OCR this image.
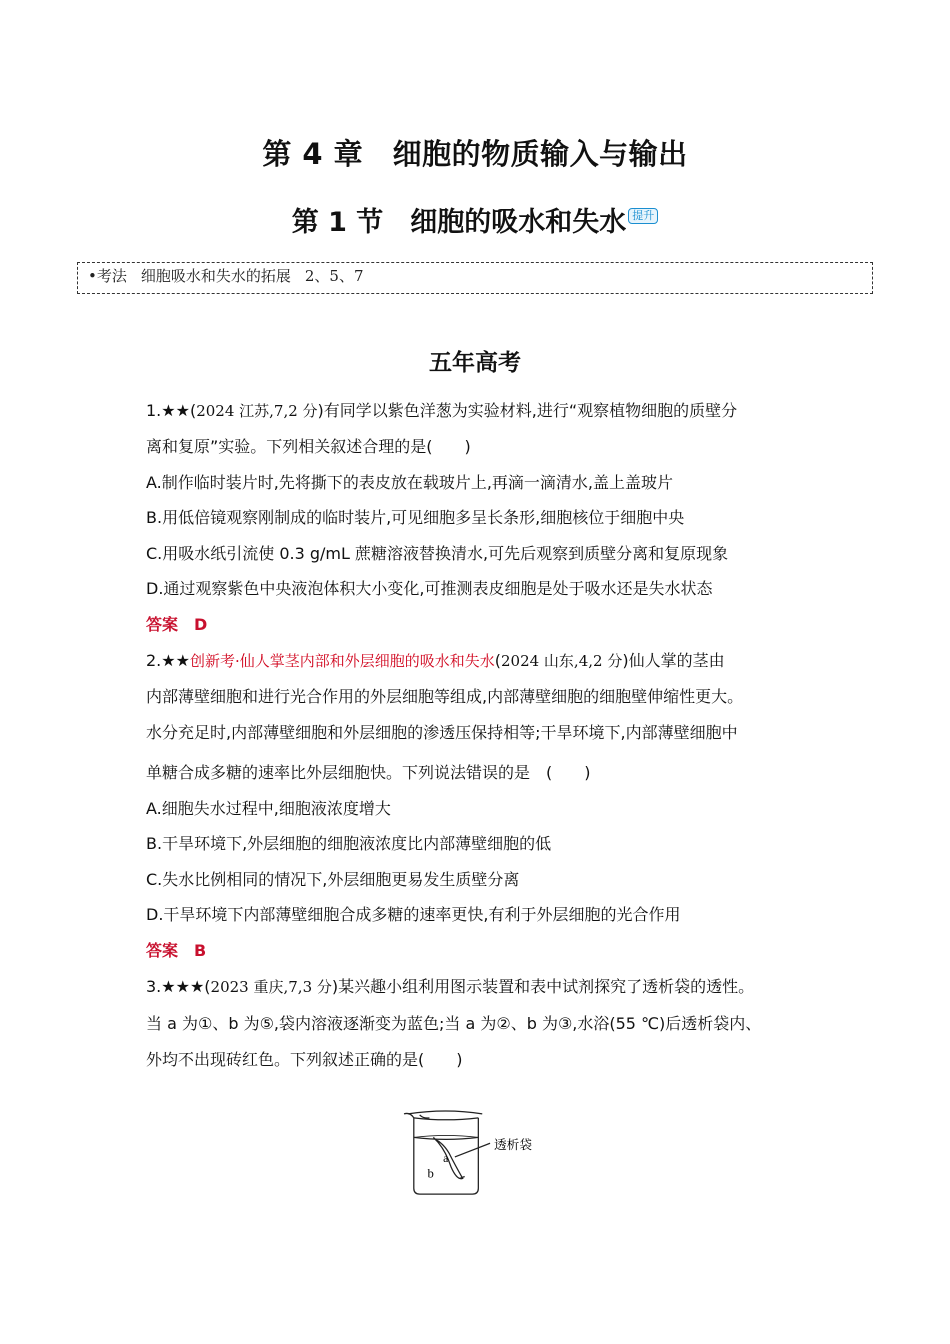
第 4 章　细胞的物质输入与输出
第 1 节　细胞的吸水和失水 提升
•考法 细胞吸水和失水的拓展 2、5、7
五年高考
1.★★(2024 江苏,7,2 分)有同学以紫色洋葱为实验材料,进行“观察植物细胞的质壁分
离和复原”实验。下列相关叙述合理的是(　　)
A.制作临时装片时,先将撕下的表皮放在载玻片上,再滴一滴清水,盖上盖玻片
B.用低倍镜观察刚制成的临时装片,可见细胞多呈长条形,细胞核位于细胞中央
C.用吸水纸引流使 0.3 g/mL 蔗糖溶液替换清水,可先后观察到质壁分离和复原现象
D.通过观察紫色中央液泡体积大小变化,可推测表皮细胞是处于吸水还是失水状态
答案　D
2.★★创新考·仙人掌茎内部和外层细胞的吸水和失水(2024 山东,4,2 分)仙人掌的茎由
内部薄壁细胞和进行光合作用的外层细胞等组成,内部薄壁细胞的细胞壁伸缩性更大。
水分充足时,内部薄壁细胞和外层细胞的渗透压保持相等;干旱环境下,内部薄壁细胞中
单糖合成多糖的速率比外层细胞快。下列说法错误的是　(　　)
A.细胞失水过程中,细胞液浓度增大
B.干旱环境下,外层细胞的细胞液浓度比内部薄壁细胞的低
C.失水比例相同的情况下,外层细胞更易发生质壁分离
D.干旱环境下内部薄壁细胞合成多糖的速率更快,有利于外层细胞的光合作用
答案　B
3.★★★(2023 重庆,7,3 分)某兴趣小组利用图示装置和表中试剂探究了透析袋的透性。
当 a 为①、b 为⑤,袋内溶液逐渐变为蓝色;当 a 为②、b 为③,水浴(55 ℃)后透析袋内、
外均不出现砖红色。下列叙述正确的是(　　)
a
b
透析袋
